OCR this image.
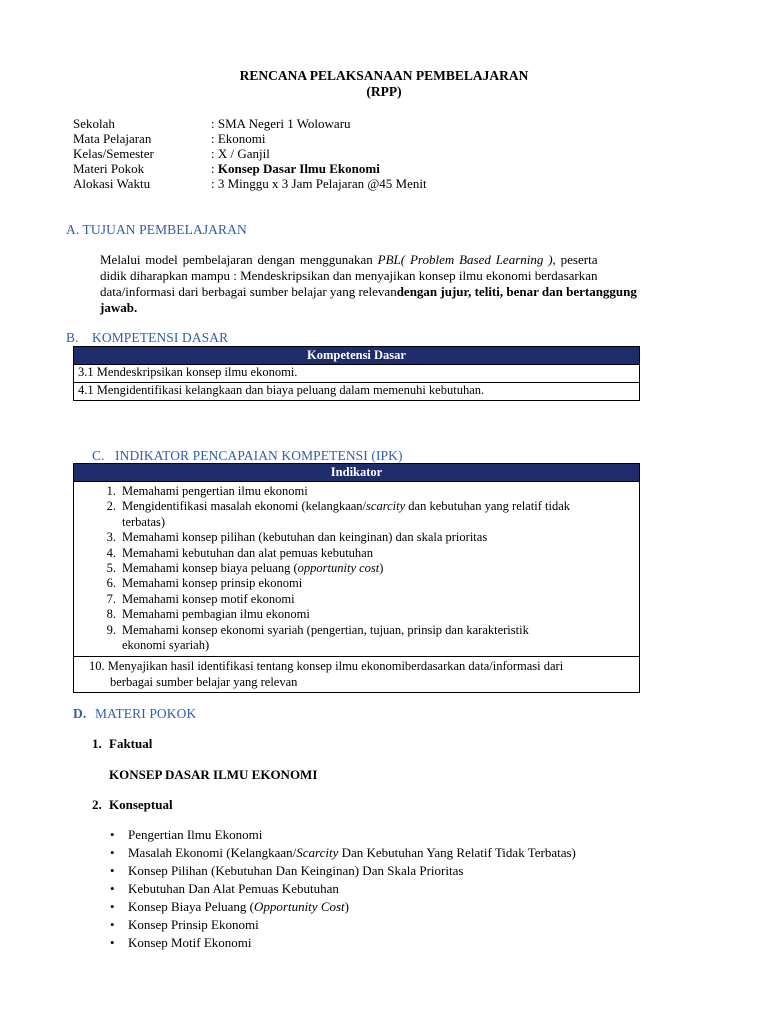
RENCANA PELAKSANAAN PEMBELAJARAN
(RPP)
Sekolah	: SMA Negeri 1 Wolowaru
Mata Pelajaran	: Ekonomi
Kelas/Semester	: X / Ganjil
Materi Pokok	: Konsep Dasar Ilmu Ekonomi
Alokasi Waktu	: 3 Minggu x 3 Jam Pelajaran @45 Menit
A. TUJUAN PEMBELAJARAN
Melalui model pembelajaran dengan menggunakan PBL( Problem Based Learning ), peserta
didik diharapkan mampu : Mendeskripsikan dan menyajikan konsep ilmu ekonomi berdasarkan
data/informasi dari berbagai sumber belajar yang relevandengan jujur, teliti, benar dan bertanggung
jawab.
B. KOMPETENSI DASAR
Kompetensi Dasar
3.1 Mendeskripsikan konsep ilmu ekonomi.
4.1 Mengidentifikasi kelangkaan dan biaya peluang dalam memenuhi kebutuhan.
C. INDIKATOR PENCAPAIAN KOMPETENSI (IPK)
Indikator

1. Memahami pengertian ilmu ekonomi
2. Mengidentifikasi masalah ekonomi (kelangkaan/scarcity dan kebutuhan yang relatif tidak
terbatas)
3. Memahami konsep pilihan (kebutuhan dan keinginan) dan skala prioritas
4. Memahami kebutuhan dan alat pemuas kebutuhan
5. Memahami konsep biaya peluang (opportunity cost)
6. Memahami konsep prinsip ekonomi
7. Memahami konsep motif ekonomi
8. Memahami pembagian ilmu ekonomi
9. Memahami konsep ekonomi syariah (pengertian, tujuan, prinsip dan karakteristik
ekonomi syariah)

10. Menyajikan hasil identifikasi tentang konsep ilmu ekonomiberdasarkan data/informasi dari
berbagai sumber belajar yang relevan
D. MATERI POKOK
1. Faktual
KONSEP DASAR ILMU EKONOMI
2. Konseptual
• Pengertian Ilmu Ekonomi
• Masalah Ekonomi (Kelangkaan/Scarcity Dan Kebutuhan Yang Relatif Tidak Terbatas)
• Konsep Pilihan (Kebutuhan Dan Keinginan) Dan Skala Prioritas
• Kebutuhan Dan Alat Pemuas Kebutuhan
• Konsep Biaya Peluang (Opportunity Cost)
• Konsep Prinsip Ekonomi
• Konsep Motif Ekonomi
